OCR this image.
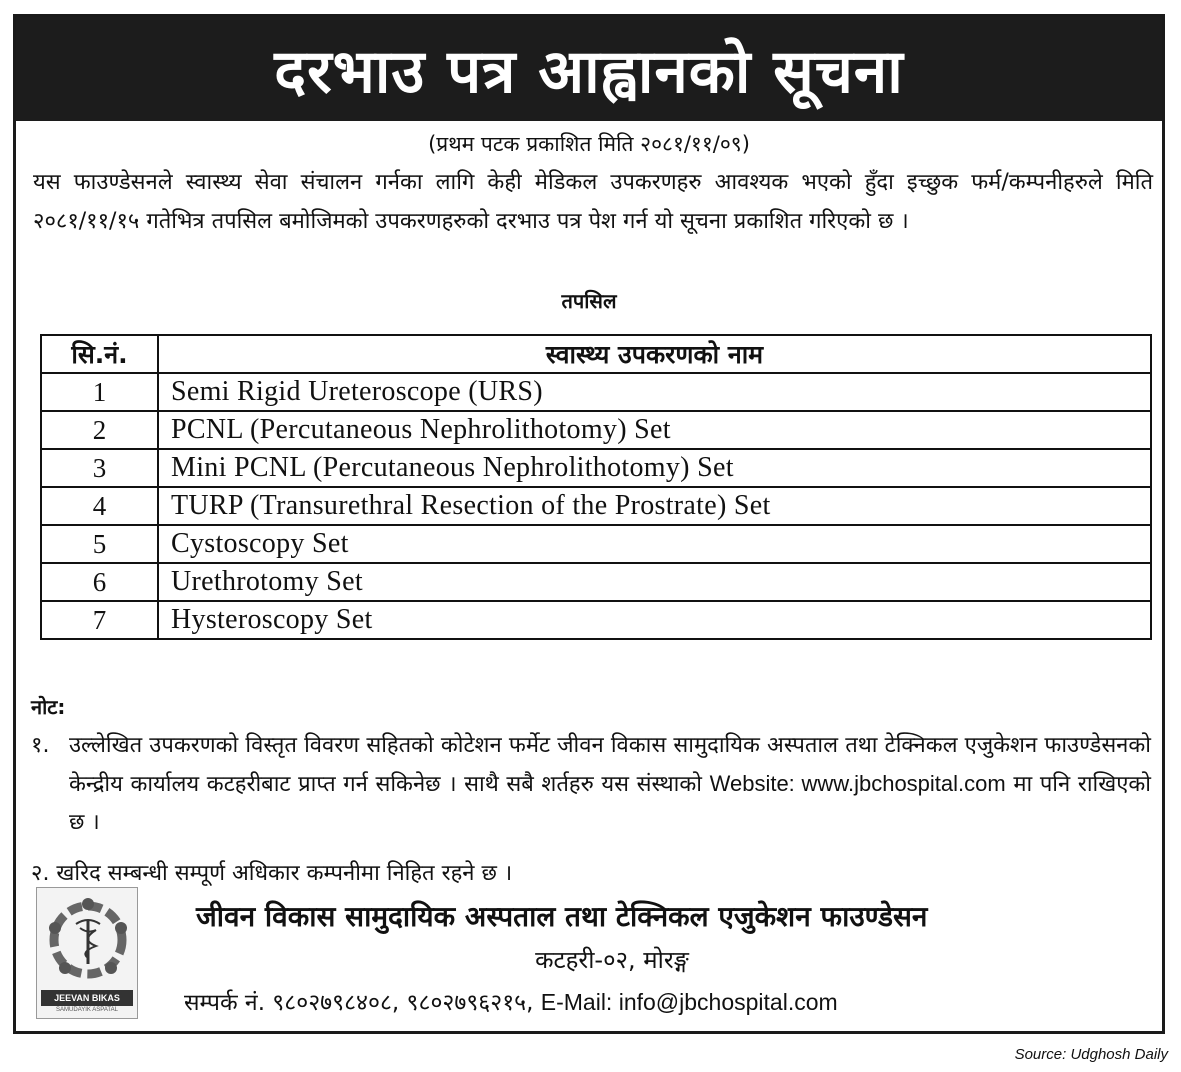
दरभाउ पत्र आह्वानको सूचना
(प्रथम पटक प्रकाशित मिति २०८१/११/०९)
यस फाउण्डेसनले स्वास्थ्य सेवा संचालन गर्नका लागि केही मेडिकल उपकरणहरु आवश्यक भएको हुँदा इच्छुक फर्म/कम्पनीहरुले मिति २०८१/११/१५ गतेभित्र तपसिल बमोजिमको उपकरणहरुको दरभाउ पत्र पेश गर्न यो सूचना प्रकाशित गरिएको छ ।
तपसिल
सि.नं.	स्वास्थ्य उपकरणको नाम
1	Semi Rigid Ureteroscope (URS)
2	PCNL (Percutaneous Nephrolithotomy) Set
3	Mini PCNL (Percutaneous Nephrolithotomy) Set
4	TURP (Transurethral Resection of the Prostrate) Set
5	Cystoscopy Set
6	Urethrotomy Set
7	Hysteroscopy Set
नोट:
१. उल्लेखित उपकरणको विस्तृत विवरण सहितको कोटेशन फर्मेट जीवन विकास सामुदायिक अस्पताल तथा टेक्निकल एजुकेशन फाउण्डेसनको केन्द्रीय कार्यालय कटहरीबाट प्राप्त गर्न सकिनेछ । साथै सबै शर्तहरु यस संस्थाको Website: www.jbchospital.com मा पनि राखिएको छ ।
२. खरिद सम्बन्धी सम्पूर्ण अधिकार कम्पनीमा निहित रहने छ ।
JEEVAN BIKAS
SAMUDAYIK ASPATAL
जीवन विकास सामुदायिक अस्पताल तथा टेक्निकल एजुकेशन फाउण्डेसन
कटहरी-०२, मोरङ्ग
सम्पर्क नं. ९८०२७९८४०८, ९८०२७९६२१५, E-Mail: info@jbchospital.com
Source: Udghosh Daily
